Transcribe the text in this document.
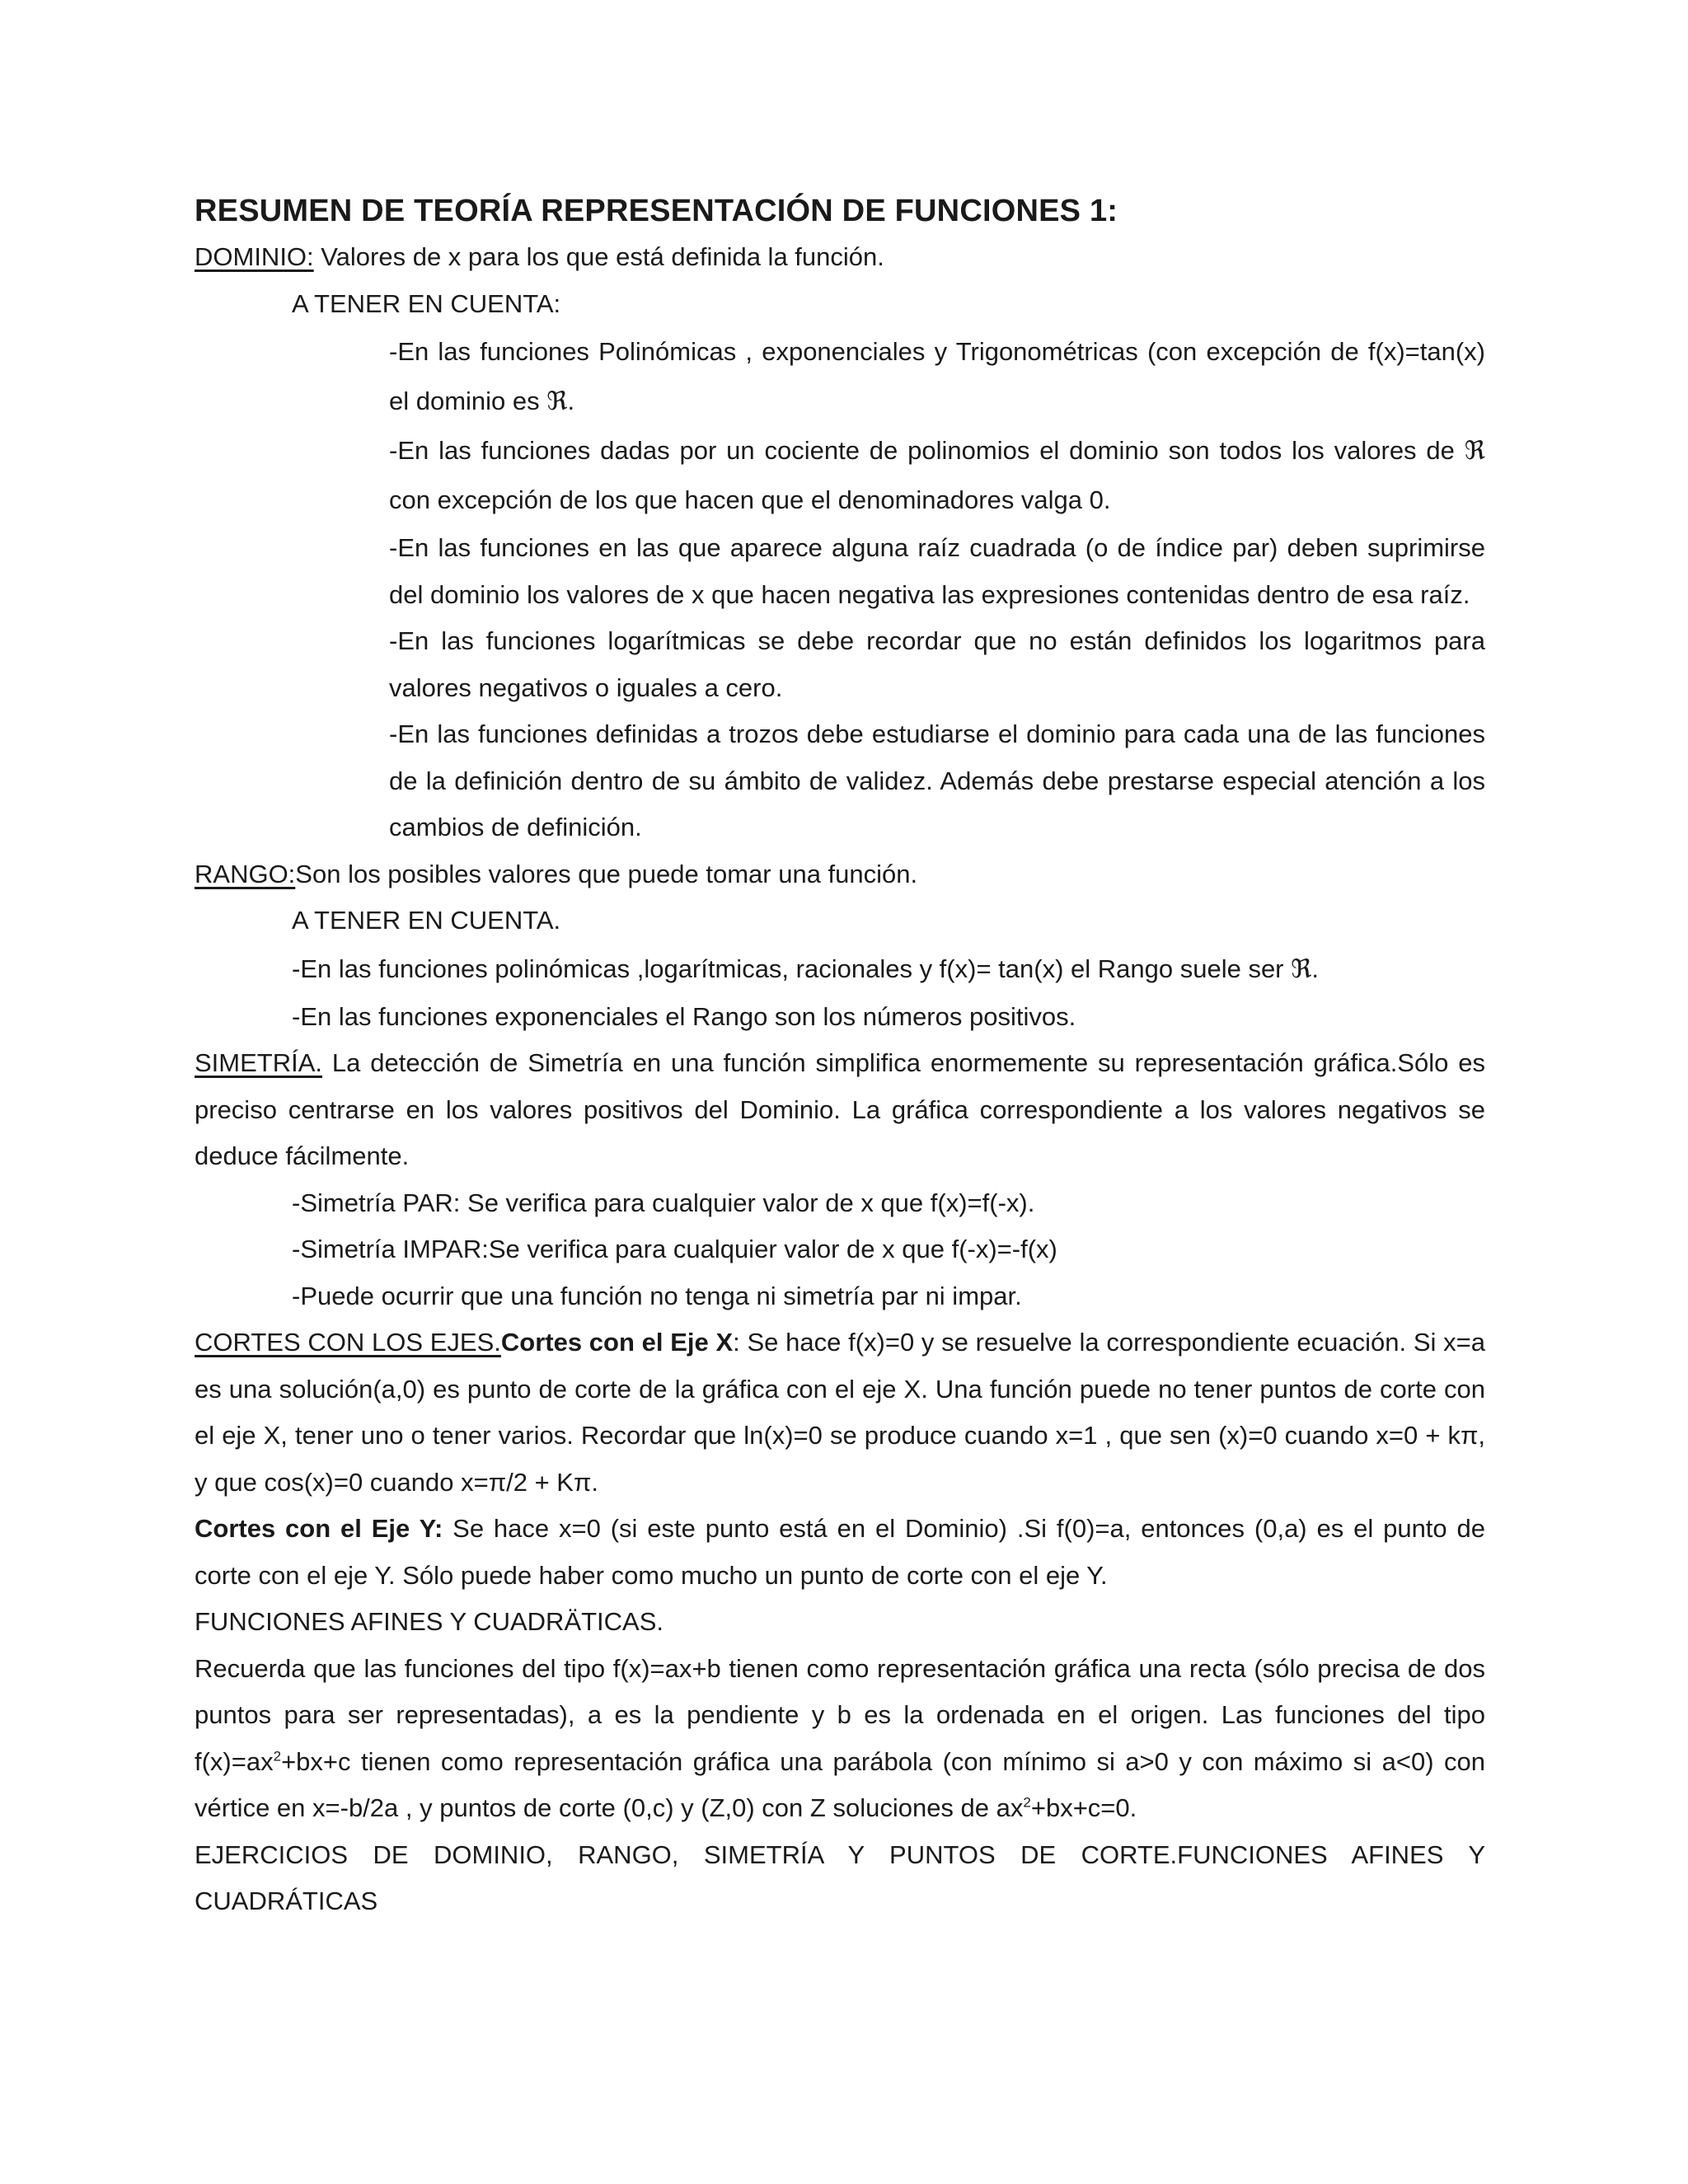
RESUMEN DE TEORÍA REPRESENTACIÓN DE FUNCIONES 1:

DOMINIO: Valores de x para los que está definida la función.

A TENER EN CUENTA:

-En las funciones Polinómicas , exponenciales y Trigonométricas (con excepción de f(x)=tan(x) el dominio es ℜ.

-En las funciones dadas por un cociente de polinomios el dominio son todos los valores de ℜ con excepción de los que hacen que el denominadores valga 0.

-En las funciones en las que aparece alguna raíz cuadrada (o de índice par) deben suprimirse del dominio los valores de x que hacen negativa las expresiones contenidas dentro de esa raíz.

-En las funciones logarítmicas se debe recordar que no están definidos los logaritmos para valores negativos o iguales a cero.

-En las funciones definidas a trozos debe estudiarse el dominio para cada una de las funciones de la definición dentro de su ámbito de validez. Además debe prestarse especial atención a los cambios de definición.

RANGO:Son los posibles valores que puede tomar una función.

A TENER EN CUENTA.

-En las funciones polinómicas ,logarítmicas, racionales y f(x)= tan(x) el Rango suele ser ℜ.

-En las funciones exponenciales el Rango son los números positivos.

SIMETRÍA. La detección de Simetría en una función simplifica enormemente su representación gráfica.Sólo es preciso centrarse en los valores positivos del Dominio. La gráfica correspondiente a los valores negativos se deduce fácilmente.

-Simetría PAR: Se verifica para cualquier valor de x que f(x)=f(-x).

-Simetría IMPAR:Se verifica para cualquier valor de x que f(-x)=-f(x)

-Puede ocurrir que una función no tenga ni simetría par ni impar.

CORTES CON LOS EJES.Cortes con el Eje X: Se hace f(x)=0 y se resuelve la correspondiente ecuación. Si x=a es una solución(a,0) es punto de corte de la gráfica con el eje X. Una función puede no tener puntos de corte con el eje X, tener uno o tener varios. Recordar que ln(x)=0 se produce cuando x=1 , que sen (x)=0 cuando x=0 + kπ, y que cos(x)=0 cuando x=π/2 + Kπ.

Cortes con el Eje Y: Se hace x=0 (si este punto está en el Dominio) .Si f(0)=a, entonces (0,a) es el punto de corte con el eje Y. Sólo puede haber como mucho un punto de corte con el eje Y.

FUNCIONES AFINES Y CUADRÄTICAS.

Recuerda que las funciones del tipo f(x)=ax+b tienen como representación gráfica una recta (sólo precisa de dos puntos para ser representadas), a es la pendiente y b es la ordenada en el origen. Las funciones del tipo $f(x)=ax^2+bx+c$ tienen como representación gráfica una parábola (con mínimo si a>0 y con máximo si a<0) con vértice en x=-b/2a , y puntos de corte (0,c) y (Z,0) con Z soluciones de $ax^2+bx+c=0$.

EJERCICIOS DE DOMINIO, RANGO, SIMETRÍA Y PUNTOS DE CORTE.FUNCIONES AFINES Y CUADRÁTICAS
